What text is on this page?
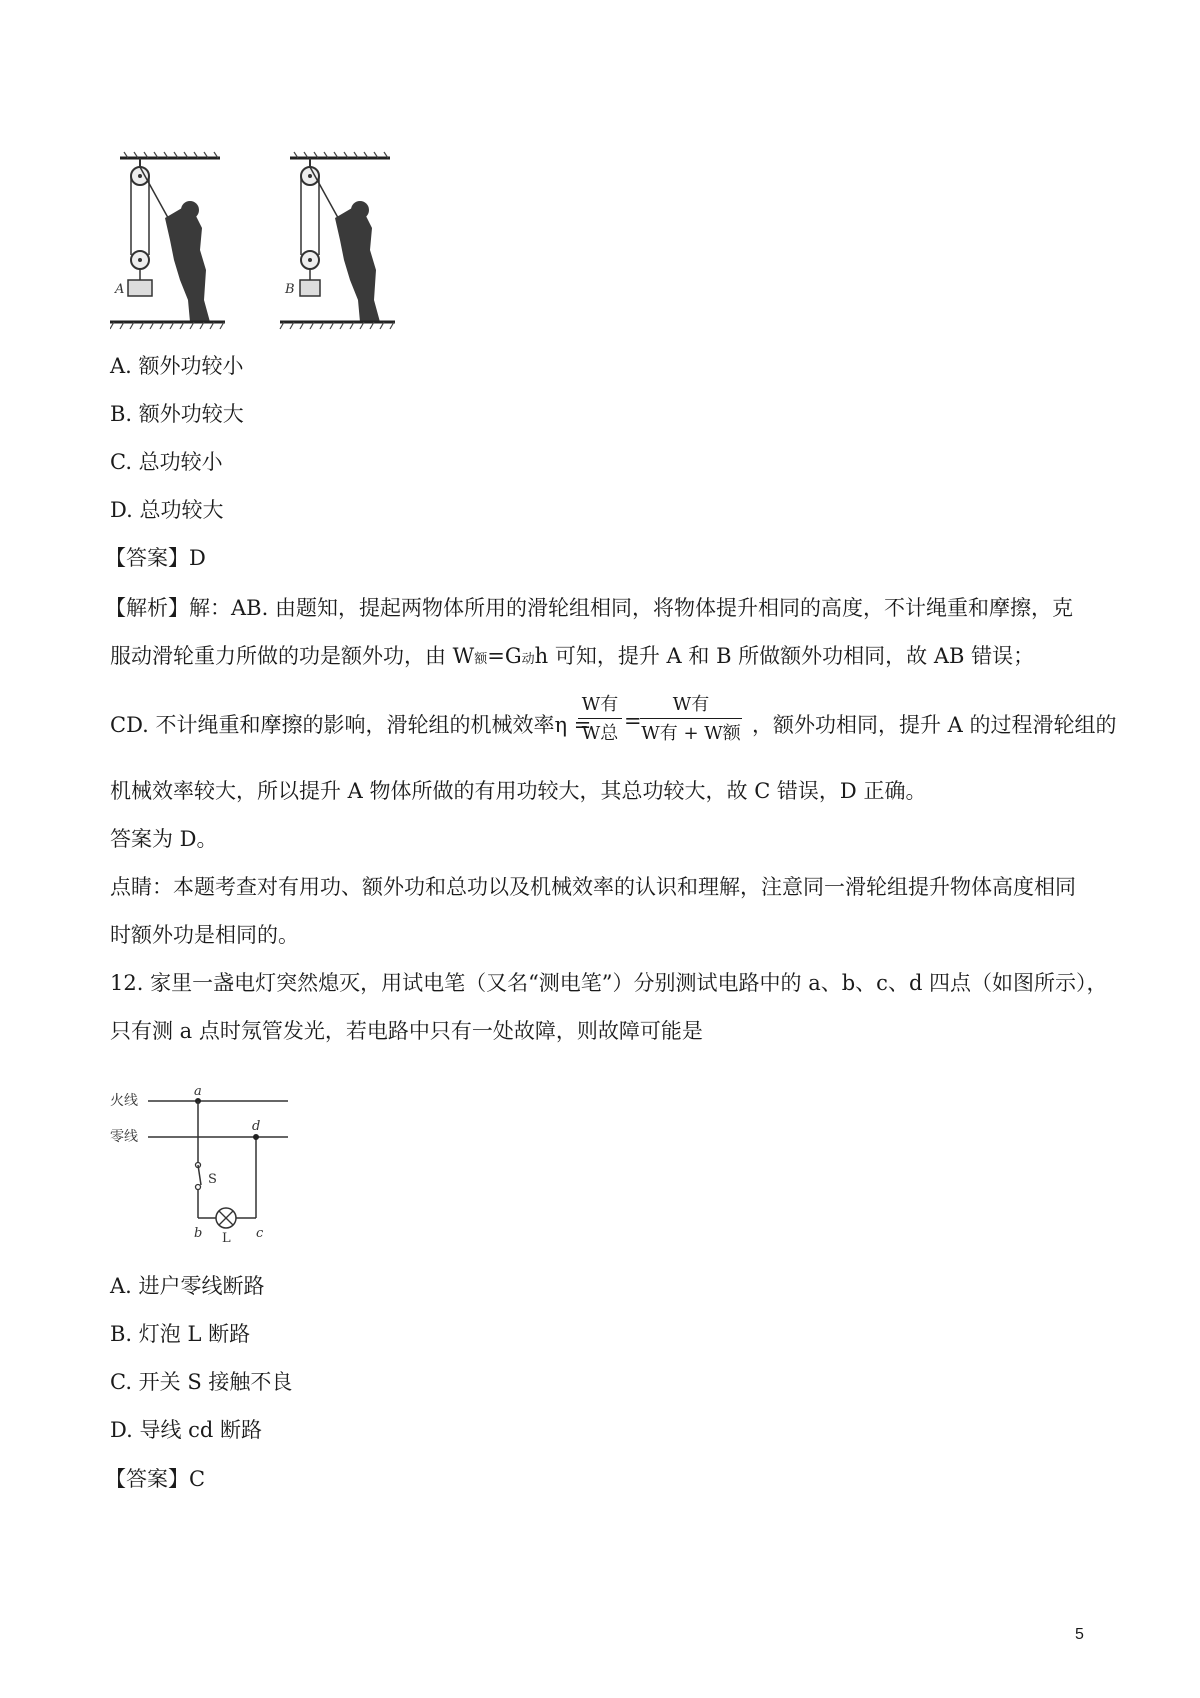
A	B
A. 额外功较小
B. 额外功较大
C. 总功较小
D. 总功较大
【答案】D
【解析】解：AB. 由题知，提起两物体所用的滑轮组相同，将物体提升相同的高度，不计绳重和摩擦，克
服动滑轮重力所做的功是额外功，由 W额=G动h 可知，提升 A 和 B 所做额外功相同，故 AB 错误；
CD. 不计绳重和摩擦的影响，滑轮组的机械效率η =
W有
W总
=
W有
W有 + W额 ，额外功相同，提升 A 的过程滑轮组的
机械效率较大，所以提升 A 物体所做的有用功较大，其总功较大，故 C 错误，D 正确。
答案为 D。
点睛：本题考查对有用功、额外功和总功以及机械效率的认识和理解，注意同一滑轮组提升物体高度相同
时额外功是相同的。
12. 家里一盏电灯突然熄灭，用试电笔（又名“测电笔”）分别测试电路中的 a、b、c、d 四点（如图所示），
只有测 a 点时氖管发光，若电路中只有一处故障，则故障可能是
火线
零线
a
S
b L c
d
A. 进户零线断路
B. 灯泡 L 断路
C. 开关 S 接触不良
D. 导线 cd 断路
【答案】C
5
